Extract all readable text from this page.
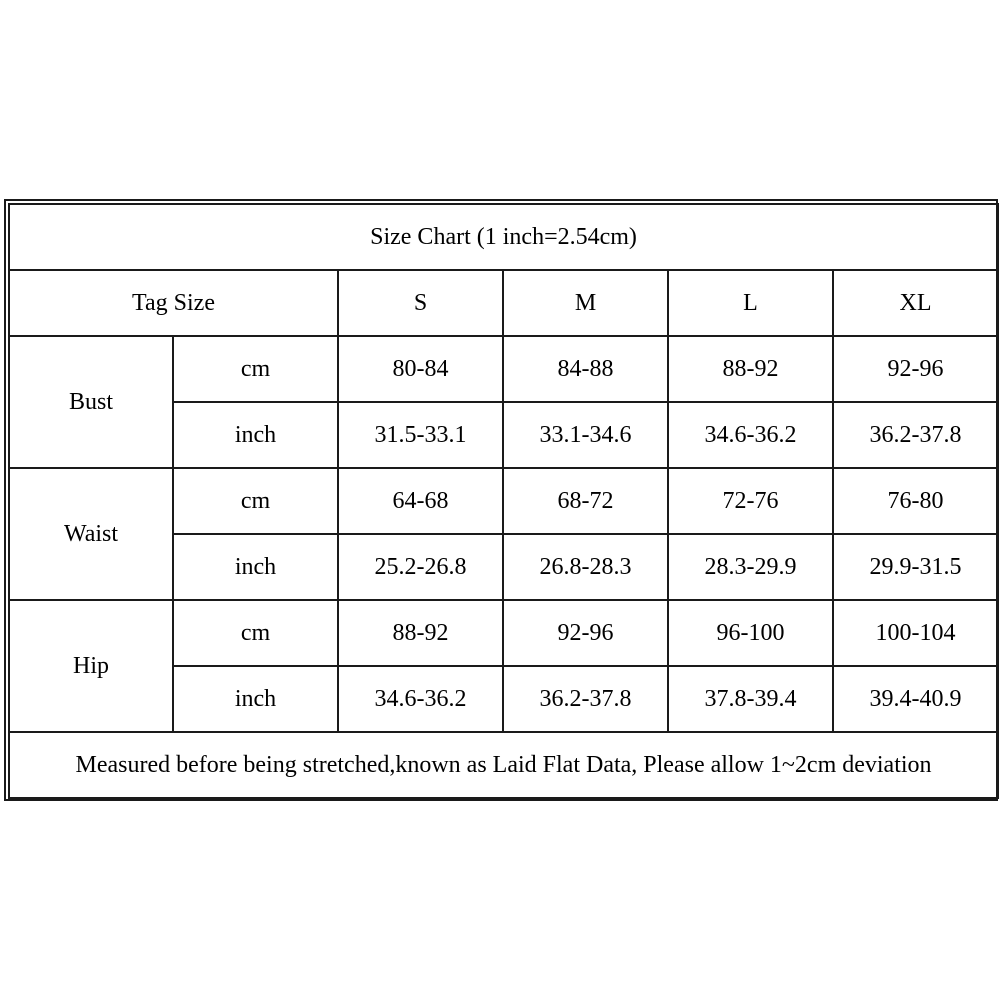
Size Chart (1 inch=2.54cm)					
Tag Size		S	M	L	XL
Bust	cm	80-84	84-88	88-92	92-96
	inch	31.5-33.1	33.1-34.6	34.6-36.2	36.2-37.8
Waist	cm	64-68	68-72	72-76	76-80
	inch	25.2-26.8	26.8-28.3	28.3-29.9	29.9-31.5
Hip	cm	88-92	92-96	96-100	100-104
	inch	34.6-36.2	36.2-37.8	37.8-39.4	39.4-40.9
Measured before being stretched,known as Laid Flat Data, Please allow 1~2cm deviation					
